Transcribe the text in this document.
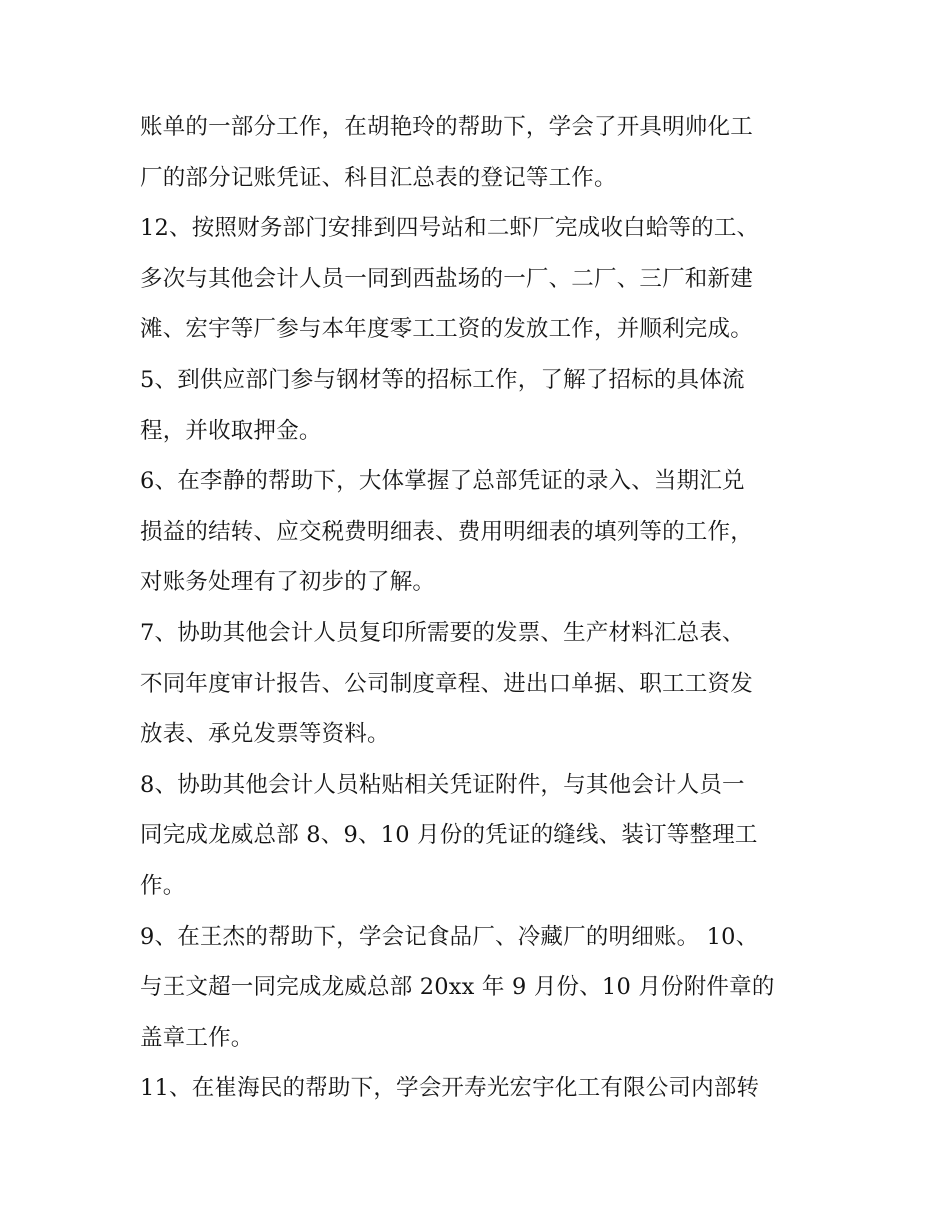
账单的一部分工作，在胡艳玲的帮助下，学会了开具明帅化工
厂的部分记账凭证、科目汇总表的登记等工作。
12、按照财务部门安排到四号站和二虾厂完成收白蛤等的工、
多次与其他会计人员一同到西盐场的一厂、二厂、三厂和新建
滩、宏宇等厂参与本年度零工工资的发放工作，并顺利完成。
5、到供应部门参与钢材等的招标工作，了解了招标的具体流
程，并收取押金。
6、在李静的帮助下，大体掌握了总部凭证的录入、当期汇兑
损益的结转、应交税费明细表、费用明细表的填列等的工作，
对账务处理有了初步的了解。
7、协助其他会计人员复印所需要的发票、生产材料汇总表、
不同年度审计报告、公司制度章程、进出口单据、职工工资发
放表、承兑发票等资料。
8、协助其他会计人员粘贴相关凭证附件，与其他会计人员一
同完成龙威总部 8、9、10 月份的凭证的缝线、装订等整理工
作。
9、在王杰的帮助下，学会记食品厂、冷藏厂的明细账。 10、
与王文超一同完成龙威总部 20xx 年 9 月份、10 月份附件章的
盖章工作。
11、在崔海民的帮助下，学会开寿光宏宇化工有限公司内部转
